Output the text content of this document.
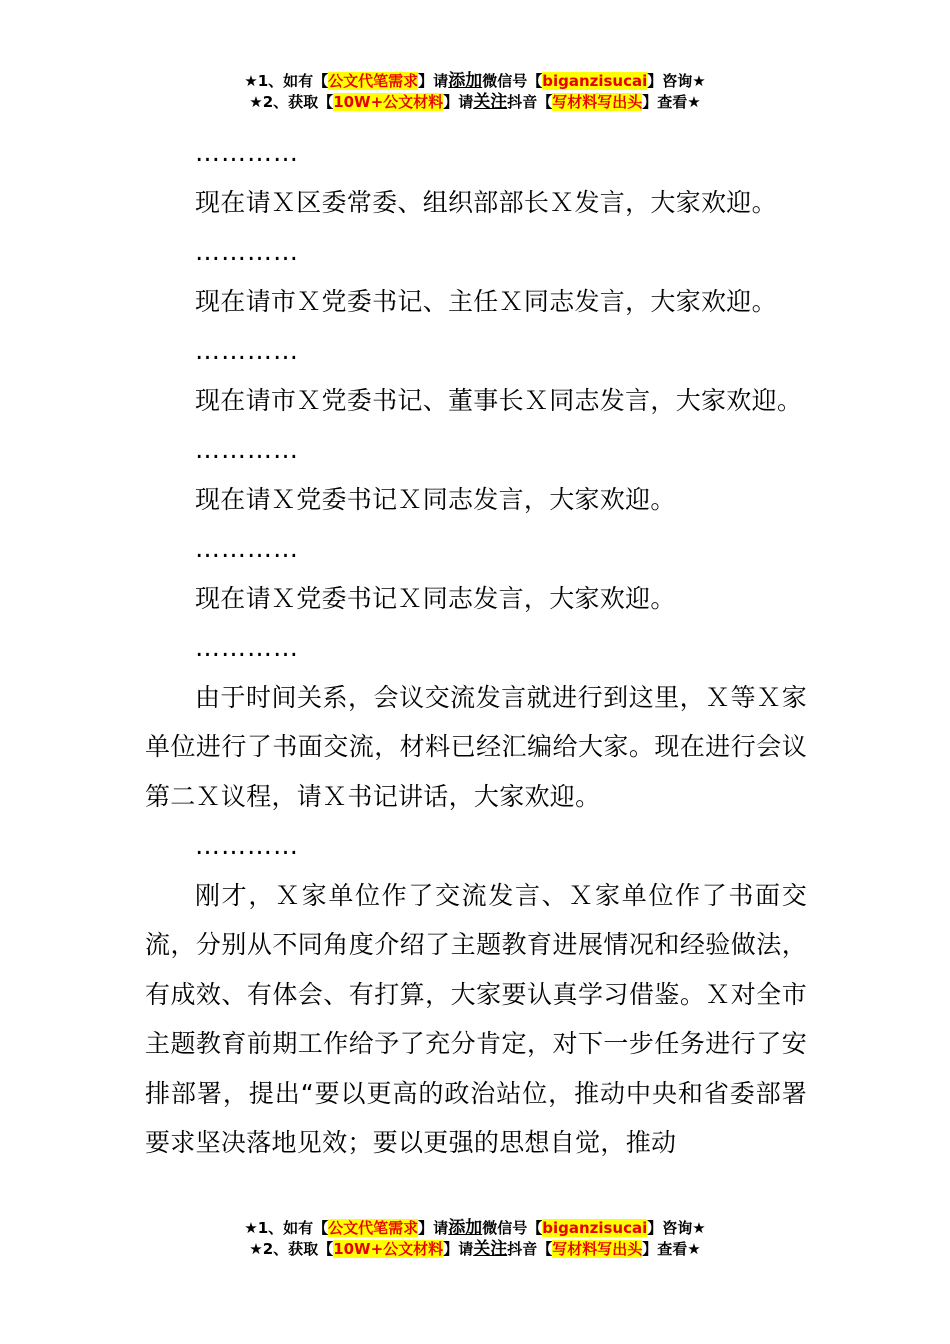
★1、如有【公文代笔需求】请添加微信号【biganzisucai】咨询★
★2、获取【10W+公文材料】请关注抖音【写材料写出头】查看★

…………

现在请Ｘ区委常委、组织部部长Ｘ发言，大家欢迎。

…………

现在请市Ｘ党委书记、主任Ｘ同志发言，大家欢迎。

…………

现在请市Ｘ党委书记、董事长Ｘ同志发言，大家欢迎。

…………

现在请Ｘ党委书记Ｘ同志发言，大家欢迎。

…………

现在请Ｘ党委书记Ｘ同志发言，大家欢迎。

…………

由于时间关系，会议交流发言就进行到这里，Ｘ等Ｘ家单位进行了书面交流，材料已经汇编给大家。现在进行会议第二Ｘ议程，请Ｘ书记讲话，大家欢迎。

…………

刚才，Ｘ家单位作了交流发言、Ｘ家单位作了书面交流，分别从不同角度介绍了主题教育进展情况和经验做法，有成效、有体会、有打算，大家要认真学习借鉴。Ｘ对全市主题教育前期工作给予了充分肯定，对下一步任务进行了安排部署，提出“要以更高的政治站位，推动中央和省委部署要求坚决落地见效；要以更强的思想自觉，推动

★1、如有【公文代笔需求】请添加微信号【biganzisucai】咨询★
★2、获取【10W+公文材料】请关注抖音【写材料写出头】查看★
